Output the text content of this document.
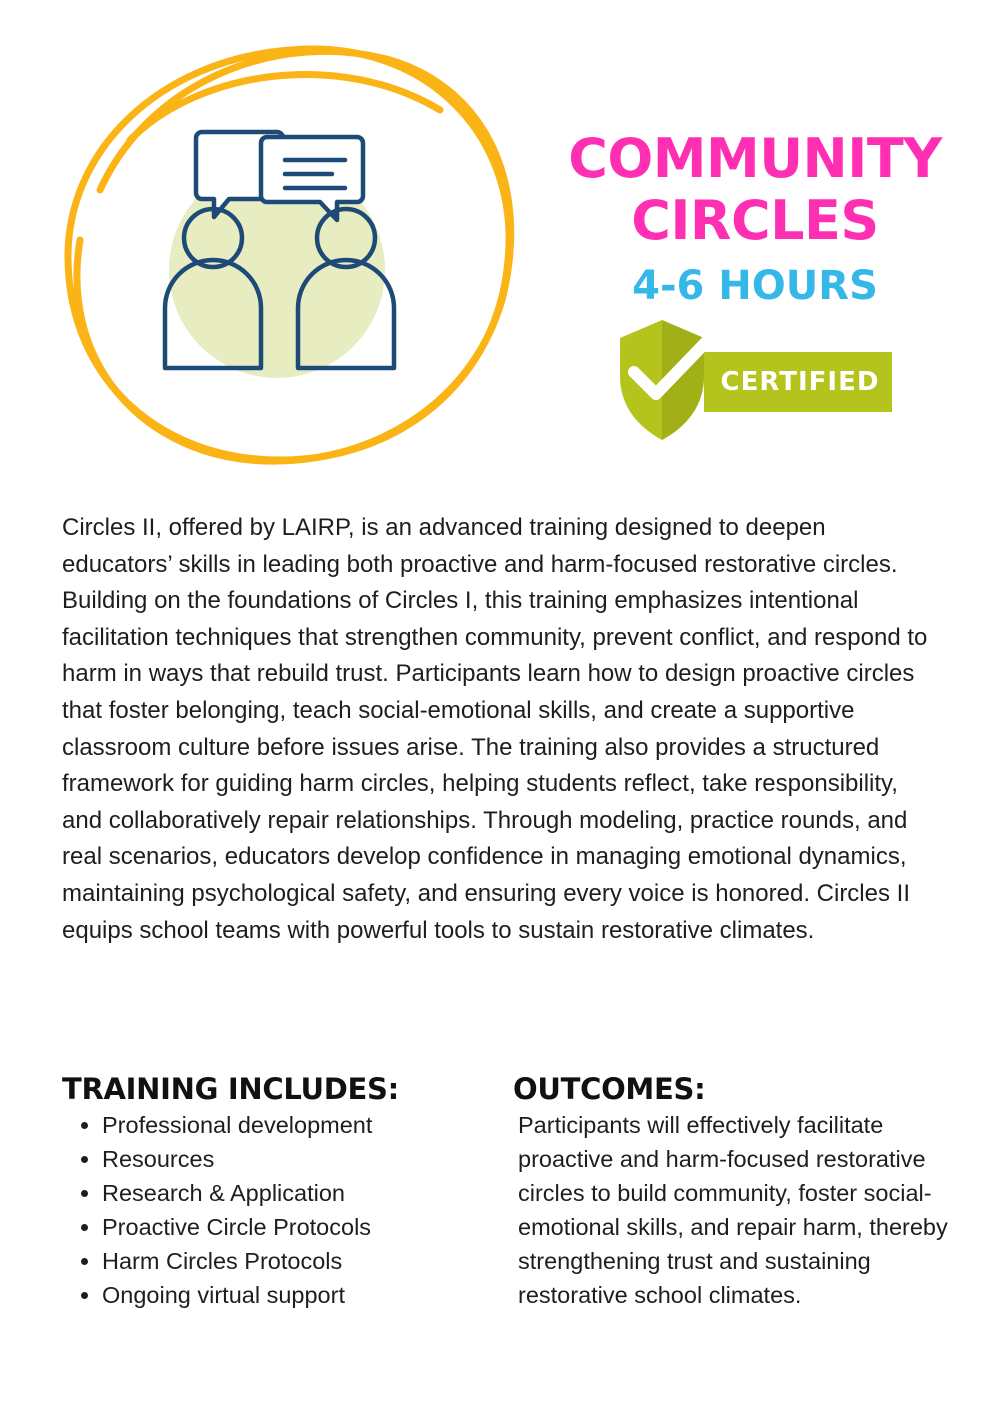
COMMUNITY
CIRCLES
4-6 HOURS
CERTIFIED

Circles II, offered by LAIRP, is an advanced training designed to deepen educators’ skills in leading both proactive and harm-focused restorative circles. Building on the foundations of Circles I, this training emphasizes intentional facilitation techniques that strengthen community, prevent conflict, and respond to harm in ways that rebuild trust. Participants learn how to design proactive circles that foster belonging, teach social-emotional skills, and create a supportive classroom culture before issues arise. The training also provides a structured framework for guiding harm circles, helping students reflect, take responsibility, and collaboratively repair relationships. Through modeling, practice rounds, and real scenarios, educators develop confidence in managing emotional dynamics, maintaining psychological safety, and ensuring every voice is honored. Circles II equips school teams with powerful tools to sustain restorative climates.

TRAINING INCLUDES:
• Professional development
• Resources
• Research & Application
• Proactive Circle Protocols
• Harm Circles Protocols
• Ongoing virtual support
OUTCOMES:

Participants will effectively facilitate proactive and harm-focused restorative circles to build community, foster social-emotional skills, and repair harm, thereby strengthening trust and sustaining restorative school climates.
